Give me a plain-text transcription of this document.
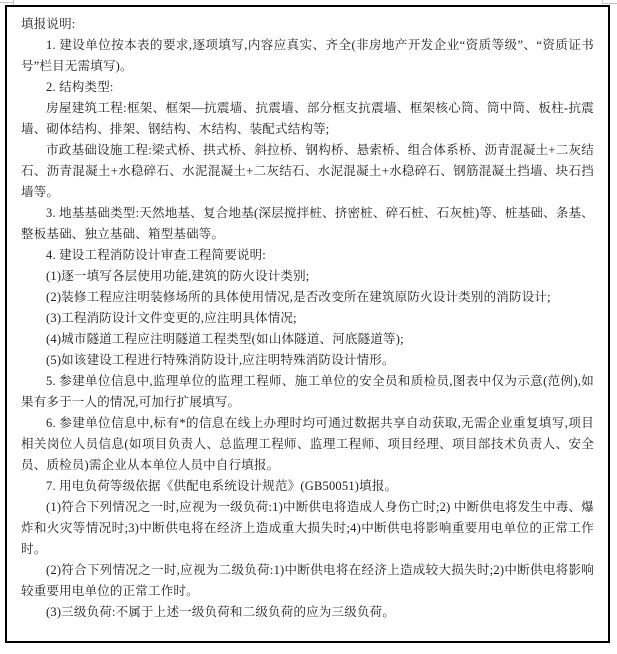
填报说明:

1. 建设单位按本表的要求,逐项填写,内容应真实、齐全(非房地产开发企业“资质等级”、“资质证书号”栏目无需填写)。

2. 结构类型:

房屋建筑工程:框架、框架—抗震墙、抗震墙、部分框支抗震墙、框架核心筒、筒中筒、板柱-抗震墙、砌体结构、排架、钢结构、木结构、装配式结构等;

市政基础设施工程:梁式桥、拱式桥、斜拉桥、钢构桥、悬索桥、组合体系桥、沥青混凝土+二灰结石、沥青混凝土+水稳碎石、水泥混凝土+二灰结石、水泥混凝土+水稳碎石、钢筋混凝土挡墙、块石挡墙等。

3. 地基基础类型:天然地基、复合地基(深层搅拌桩、挤密桩、碎石桩、石灰桩)等、桩基础、条基、整板基础、独立基础、箱型基础等。

4. 建设工程消防设计审查工程简要说明:

(1)逐一填写各层使用功能,建筑的防火设计类别;

(2)装修工程应注明装修场所的具体使用情况,是否改变所在建筑原防火设计类别的消防设计;

(3)工程消防设计文件变更的,应注明具体情况;

(4)城市隧道工程应注明隧道工程类型(如山体隧道、河底隧道等);

(5)如该建设工程进行特殊消防设计,应注明特殊消防设计情形。

5. 参建单位信息中,监理单位的监理工程师、施工单位的安全员和质检员,图表中仅为示意(范例),如果有多于一人的情况,可加行扩展填写。

6. 参建单位信息中,标有*的信息在线上办理时均可通过数据共享自动获取,无需企业重复填写,项目相关岗位人员信息(如项目负责人、总监理工程师、监理工程师、项目经理、项目部技术负责人、安全员、质检员)需企业从本单位人员中自行填报。

7. 用电负荷等级依据《供配电系统设计规范》(GB50051)填报。

(1)符合下列情况之一时,应视为一级负荷:1)中断供电将造成人身伤亡时;2) 中断供电将发生中毒、爆炸和火灾等情况时;3)中断供电将在经济上造成重大损失时;4)中断供电将影响重要用电单位的正常工作时。

(2)符合下列情况之一时,应视为二级负荷:1)中断供电将在经济上造成较大损失时;2)中断供电将影响较重要用电单位的正常工作时。

(3)三级负荷:不属于上述一级负荷和二级负荷的应为三级负荷。
